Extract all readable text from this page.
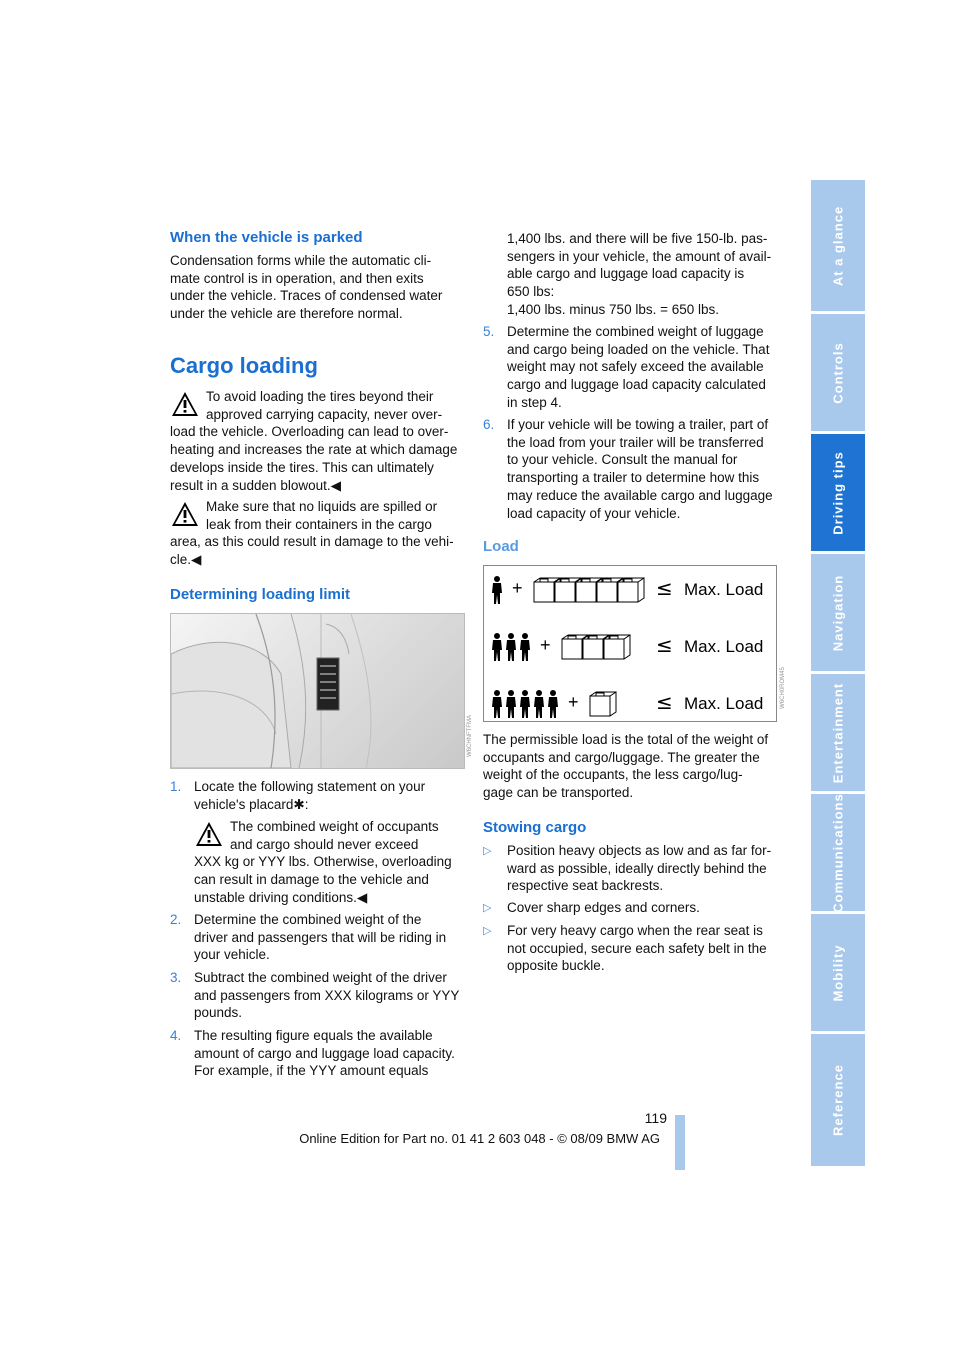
When the vehicle is parked
Condensation forms while the automatic cli-
mate control is in operation, and then exits
under the vehicle. Traces of condensed water
under the vehicle are therefore normal.
Cargo loading
To avoid loading the tires beyond their
approved carrying capacity, never over-
load the vehicle. Overloading can lead to over-
heating and increases the rate at which damage
develops inside the tires. This can ultimately
result in a sudden blowout.◀
Make sure that no liquids are spilled or
leak from their containers in the cargo
area, as this could result in damage to the vehi-
cle.◀
Determining loading limit
W6CHNFTFMA
1. Locate the following statement on your
vehicle's placard✱:
The combined weight of occupants
and cargo should never exceed
XXX kg or YYY lbs. Otherwise, overloading
can result in damage to the vehicle and
unstable driving conditions.◀
2. Determine the combined weight of the
driver and passengers that will be riding in
your vehicle.
3. Subtract the combined weight of the driver
and passengers from XXX kilograms or YYY
pounds.
4. The resulting figure equals the available
amount of cargo and luggage load capacity.
For example, if the YYY amount equals
1,400 lbs. and there will be five 150-lb. pas-
sengers in your vehicle, the amount of avail-
able cargo and luggage load capacity is
650 lbs:
1,400 lbs. minus 750 lbs. = 650 lbs.
5. Determine the combined weight of luggage
and cargo being loaded on the vehicle. That
weight may not safely exceed the available
cargo and luggage load capacity calculated
in step 4.
6. If your vehicle will be towing a trailer, part of
the load from your trailer will be transferred
to your vehicle. Consult the manual for
transporting a trailer to determine how this
may reduce the available cargo and luggage
load capacity of your vehicle.
Load
+	≤ Max. Load
+	≤ Max. Load
+	≤ Max. Load	W6CH0ROM45
The permissible load is the total of the weight of
occupants and cargo/luggage. The greater the
weight of the occupants, the less cargo/lug-
gage can be transported.
Stowing cargo
▷ Position heavy objects as low and as far for-
ward as possible, ideally directly behind the
respective seat backrests.
▷ Cover sharp edges and corners.
▷ For very heavy cargo when the rear seat is
not occupied, secure each safety belt in the
opposite buckle.
At a glance
Controls
Driving tips
Navigation
Entertainment
Communications
Mobility
Reference
119
Online Edition for Part no. 01 41 2 603 048 - © 08/09 BMW AG
